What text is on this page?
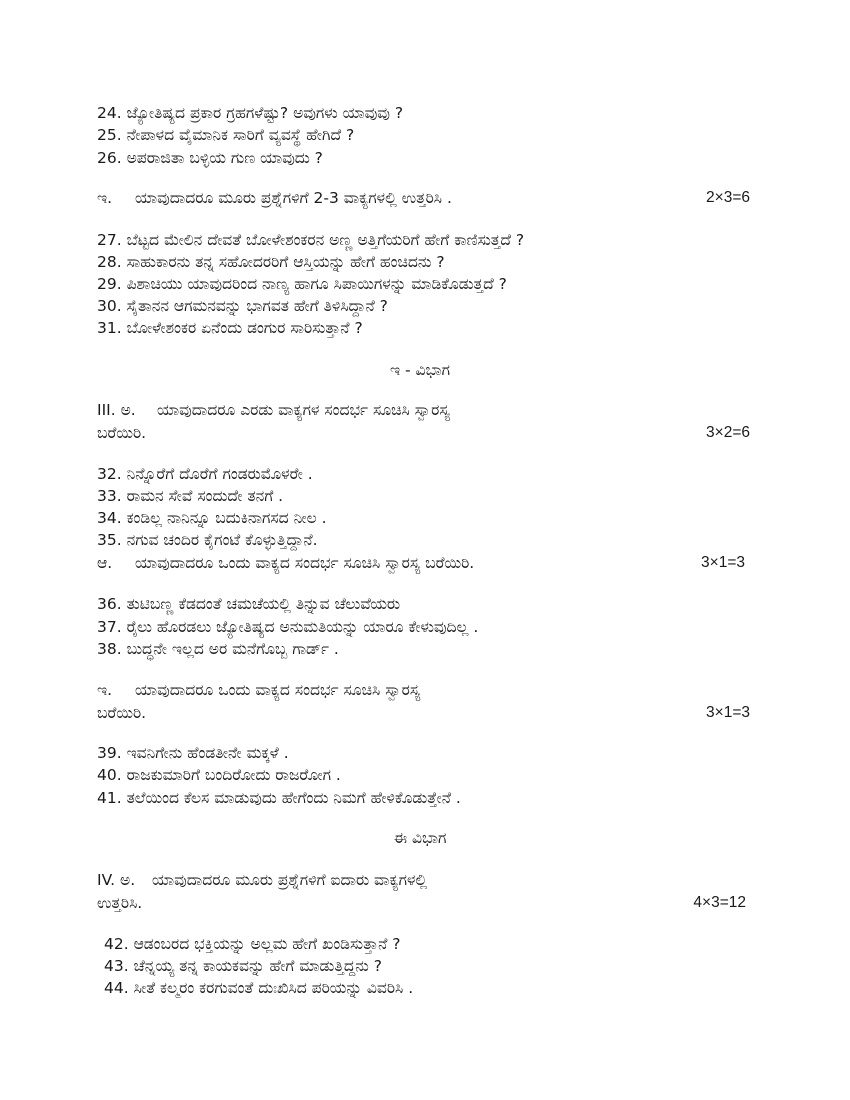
24. ಜ್ಯೋತಿಷ್ಯದ ಪ್ರಕಾರ ಗ್ರಹಗಳೆಷ್ಟು? ಅವುಗಳು ಯಾವುವು ?
25. ನೇಪಾಳದ ವೈಮಾನಿಕ ಸಾರಿಗೆ ವ್ಯವಸ್ಥೆ ಹೇಗಿದೆ ?
26. ಅಪರಾಜಿತಾ ಬಳ್ಳಿಯ ಗುಣ ಯಾವುದು ?
ಇ. ಯಾವುದಾದರೂ ಮೂರು ಪ್ರಶ್ನೆಗಳಿಗೆ 2-3 ವಾಕ್ಯಗಳಲ್ಲಿ ಉತ್ತರಿಸಿ .	2×3=6
27. ಬೆಟ್ಟದ ಮೇಲಿನ ದೇವತೆ ಬೋಳೇಶಂಕರನ ಅಣ್ಣ ಅತ್ತಿಗೆಯರಿಗೆ ಹೇಗೆ ಕಾಣಿಸುತ್ತದೆ ?
28. ಸಾಹುಕಾರನು ತನ್ನ ಸಹೋದರರಿಗೆ ಆಸ್ತಿಯನ್ನು ಹೇಗೆ ಹಂಚಿದನು ?
29. ಪಿಶಾಚಿಯು ಯಾವುದರಿಂದ ನಾಣ್ಯ ಹಾಗೂ ಸಿಪಾಯಿಗಳನ್ನು ಮಾಡಿಕೊಡುತ್ತದೆ ?
30. ಸೈತಾನನ ಆಗಮನವನ್ನು ಭಾಗವತ ಹೇಗೆ ತಿಳಿಸಿದ್ದಾನೆ ?
31. ಬೋಳೇಶಂಕರ ಏನೆಂದು ಡಂಗುರ ಸಾರಿಸುತ್ತಾನೆ ?
ಇ - ವಿಭಾಗ
III. ಅ. ಯಾವುದಾದರೂ ಎರಡು ವಾಕ್ಯಗಳ ಸಂದರ್ಭ ಸೂಚಿಸಿ ಸ್ವಾರಸ್ಯ
ಬರೆಯಿರಿ.	3×2=6
32. ನಿನ್ನೊರೆಗೆ ದೊರೆಗೆ ಗಂಡರುಮೊಳರೇ .
33. ರಾಮನ ಸೇವೆ ಸಂದುದೇ ತನಗೆ .
34. ಕಂಡಿಲ್ಲ ನಾನಿನ್ನೂ ಬದುಕಿನಾಗಸದ ನೀಲ .
35. ನಗುವ ಚಂದಿರ ಕೈಗಂಟೆ ಕೊಳ್ಳುತ್ತಿದ್ದಾನೆ.
ಆ. ಯಾವುದಾದರೂ ಒಂದು ವಾಕ್ಯದ ಸಂದರ್ಭ ಸೂಚಿಸಿ ಸ್ವಾರಸ್ಯ ಬರೆಯಿರಿ.	3×1=3
36. ತುಟಿಬಣ್ಣ ಕೆಡದಂತೆ ಚಮಚೆಯಲ್ಲಿ ತಿನ್ನುವ ಚೆಲುವೆಯರು
37. ರೈಲು ಹೊರಡಲು ಜ್ಯೋತಿಷ್ಯದ ಅನುಮತಿಯನ್ನು ಯಾರೂ ಕೇಳುವುದಿಲ್ಲ .
38. ಬುದ್ಧನೇ ಇಲ್ಲದ ಅರ ಮನೆಗೊಬ್ಬ ಗಾರ್ಡ್ .
ಇ. ಯಾವುದಾದರೂ ಒಂದು ವಾಕ್ಯದ ಸಂದರ್ಭ ಸೂಚಿಸಿ ಸ್ವಾರಸ್ಯ
ಬರೆಯಿರಿ.	3×1=3
39. ಇವನಿಗೇನು ಹೆಂಡತೀನೇ ಮಕ್ಕಳೆ .
40. ರಾಜಕುಮಾರಿಗೆ ಬಂದಿರೋದು ರಾಜರೋಗ .
41. ತಲೆಯಿಂದ ಕೆಲಸ ಮಾಡುವುದು ಹೇಗೆಂದು ನಿಮಗೆ ಹೇಳಿಕೊಡುತ್ತೇನೆ .
ಈ ವಿಭಾಗ
IV. ಅ. ಯಾವುದಾದರೂ ಮೂರು ಪ್ರಶ್ನೆಗಳಿಗೆ ಐದಾರು ವಾಕ್ಯಗಳಲ್ಲಿ
ಉತ್ತರಿಸಿ.	4×3=12
42. ಆಡಂಬರದ ಭಕ್ತಿಯನ್ನು ಅಲ್ಲಮ ಹೇಗೆ ಖಂಡಿಸುತ್ತಾನೆ ?
43. ಚೆನ್ನಯ್ಯ ತನ್ನ ಕಾಯಕವನ್ನು ಹೇಗೆ ಮಾಡುತ್ತಿದ್ದನು ?
44. ಸೀತೆ ಕಲ್ಮರಂ ಕರಗುವಂತೆ ದುಃಖಿಸಿದ ಪರಿಯನ್ನು ವಿವರಿಸಿ .
